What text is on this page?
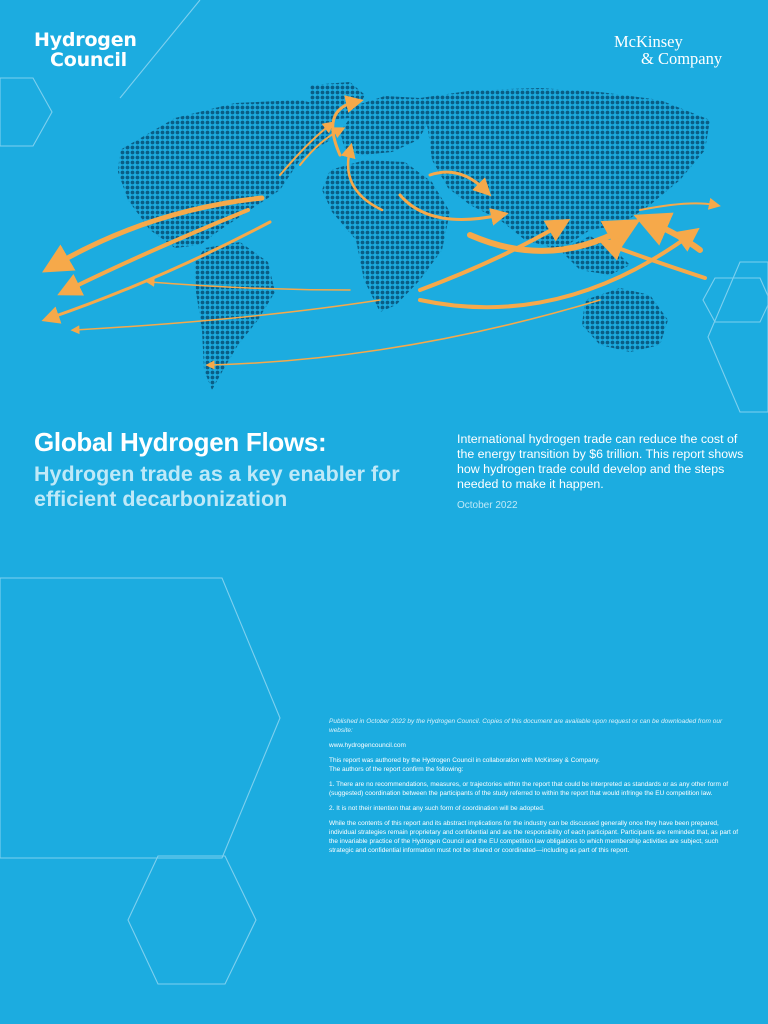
Hydrogen
Council
McKinsey
& Company
Global Hydrogen Flows:
Hydrogen trade as a key enabler for efficient decarbonization

International hydrogen trade can reduce the cost of the energy transition by $6 trillion. This report shows how hydrogen trade could develop and the steps needed to make it happen.

October 2022

Published in October 2022 by the Hydrogen Council. Copies of this document are available upon request or can be downloaded from our website:

www.hydrogencouncil.com

This report was authored by the Hydrogen Council in collaboration with McKinsey & Company.
The authors of the report confirm the following:

1. There are no recommendations, measures, or trajectories within the report that could be interpreted as standards or as any other form of (suggested) coordination between the participants of the study referred to within the report that would infringe the EU competition law.

2. It is not their intention that any such form of coordination will be adopted.

While the contents of this report and its abstract implications for the industry can be discussed generally once they have been prepared, individual strategies remain proprietary and confidential and are the responsibility of each participant. Participants are reminded that, as part of the invariable practice of the Hydrogen Council and the EU competition law obligations to which membership activities are subject, such strategic and confidential information must not be shared or coordinated—including as part of this report.
